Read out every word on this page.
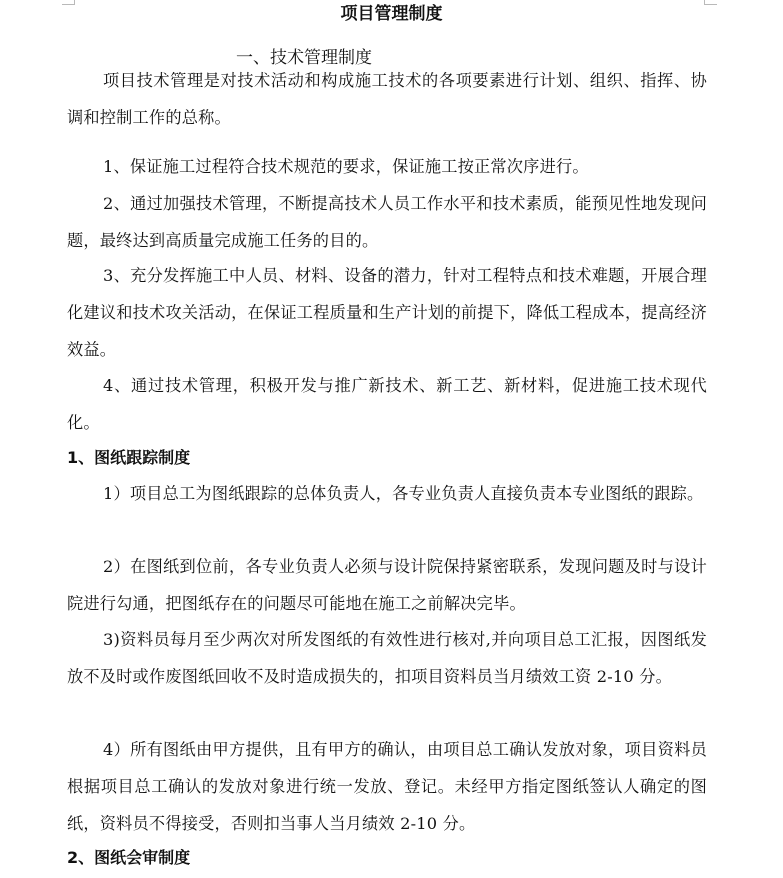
项目管理制度
一、技术管理制度

项目技术管理是对技术活动和构成施工技术的各项要素进行计划、组织、指挥、协调和控制工作的总称。

1、保证施工过程符合技术规范的要求，保证施工按正常次序进行。

2、通过加强技术管理，不断提高技术人员工作水平和技术素质，能预见性地发现问题，最终达到高质量完成施工任务的目的。

3、充分发挥施工中人员、材料、设备的潜力，针对工程特点和技术难题，开展合理化建议和技术攻关活动，在保证工程质量和生产计划的前提下，降低工程成本，提高经济效益。

4、通过技术管理，积极开发与推广新技术、新工艺、新材料，促进施工技术现代化。

1、图纸跟踪制度

1）项目总工为图纸跟踪的总体负责人，各专业负责人直接负责本专业图纸的跟踪。

2）在图纸到位前，各专业负责人必须与设计院保持紧密联系，发现问题及时与设计院进行勾通，把图纸存在的问题尽可能地在施工之前解决完毕。

3)资料员每月至少两次对所发图纸的有效性进行核对,并向项目总工汇报，因图纸发放不及时或作废图纸回收不及时造成损失的，扣项目资料员当月绩效工资 2-10 分。

4）所有图纸由甲方提供，且有甲方的确认，由项目总工确认发放对象，项目资料员根据项目总工确认的发放对象进行统一发放、登记。未经甲方指定图纸签认人确定的图纸，资料员不得接受，否则扣当事人当月绩效 2-10 分。

2、图纸会审制度
